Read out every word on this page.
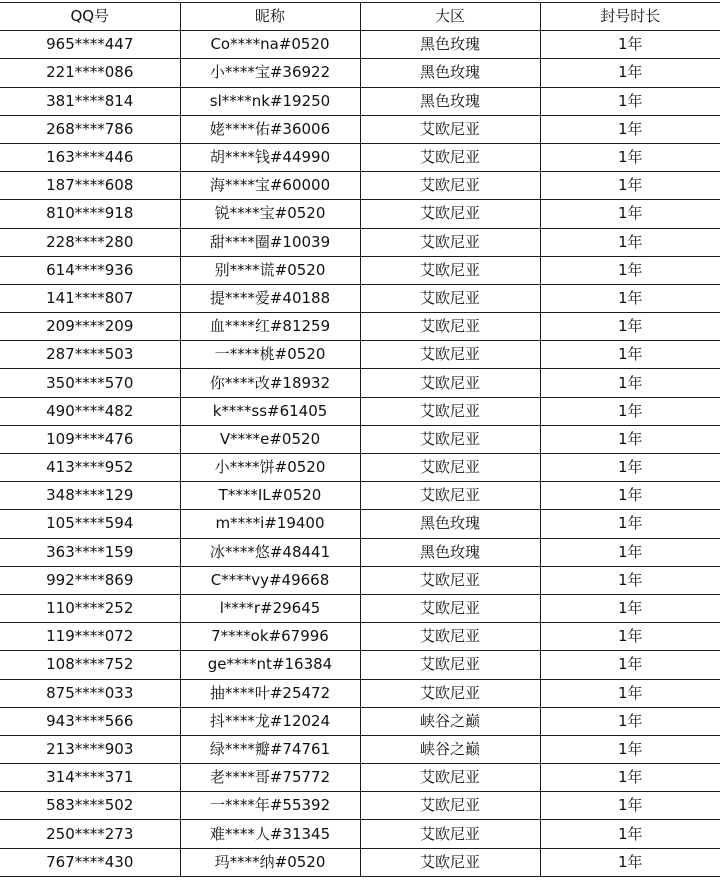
QQ号	昵称	大区	封号时长
965****447	Co****na#0520	黑色玫瑰	1年
221****086	小****宝#36922	黑色玫瑰	1年
381****814	sl****nk#19250	黑色玫瑰	1年
268****786	姥****佑#36006	艾欧尼亚	1年
163****446	胡****钱#44990	艾欧尼亚	1年
187****608	海****宝#60000	艾欧尼亚	1年
810****918	锐****宝#0520	艾欧尼亚	1年
228****280	甜****圈#10039	艾欧尼亚	1年
614****936	别****谎#0520	艾欧尼亚	1年
141****807	提****爱#40188	艾欧尼亚	1年
209****209	血****红#81259	艾欧尼亚	1年
287****503	一****桃#0520	艾欧尼亚	1年
350****570	你****改#18932	艾欧尼亚	1年
490****482	k****ss#61405	艾欧尼亚	1年
109****476	V****e#0520	艾欧尼亚	1年
413****952	小****饼#0520	艾欧尼亚	1年
348****129	T****IL#0520	艾欧尼亚	1年
105****594	m****i#19400	黑色玫瑰	1年
363****159	冰****悠#48441	黑色玫瑰	1年
992****869	C****vy#49668	艾欧尼亚	1年
110****252	l****r#29645	艾欧尼亚	1年
119****072	7****ok#67996	艾欧尼亚	1年
108****752	ge****nt#16384	艾欧尼亚	1年
875****033	抽****叶#25472	艾欧尼亚	1年
943****566	抖****龙#12024	峡谷之巅	1年
213****903	绿****瓣#74761	峡谷之巅	1年
314****371	老****哥#75772	艾欧尼亚	1年
583****502	一****年#55392	艾欧尼亚	1年
250****273	难****人#31345	艾欧尼亚	1年
767****430	玛****纳#0520	艾欧尼亚	1年
